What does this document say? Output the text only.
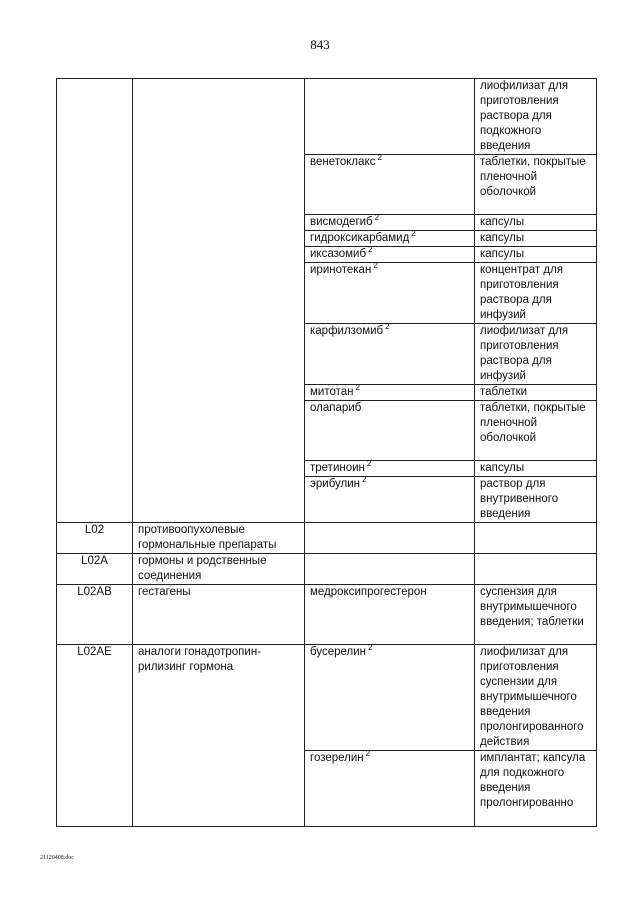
843
			лиофилизат для приготовления раствора для подкожного введения
		венетоклакс $^2$	таблетки, покрытые пленочной оболочкой
		висмодегиб $^2$	капсулы
		гидроксикарбамид $^2$	капсулы
		иксазомиб $^2$	капсулы
		иринотекан $^2$	концентрат для приготовления раствора для инфузий
		карфилзомиб $^2$	лиофилизат для приготовления раствора для инфузий
		митотан $^2$	таблетки
		олапариб	таблетки, покрытые пленочной оболочкой
		третиноин $^2$	капсулы
		эрибулин $^2$	раствор для внутривенного введения
L02	противоопухолевые гормональные препараты		
L02A	гормоны и родственные соединения		
L02AB	гестагены	медроксипрогестерон	суспензия для внутримышечного введения; таблетки
L02AE	аналоги гонадотропин-рилизинг гормона	бусерелин $^2$	лиофилизат для приготовления суспензии для внутримышечного введения пролонгированного действия
		гозерелин $^2$	имплантат; капсула для подкожного введения пролонгированно
21120408.doc
